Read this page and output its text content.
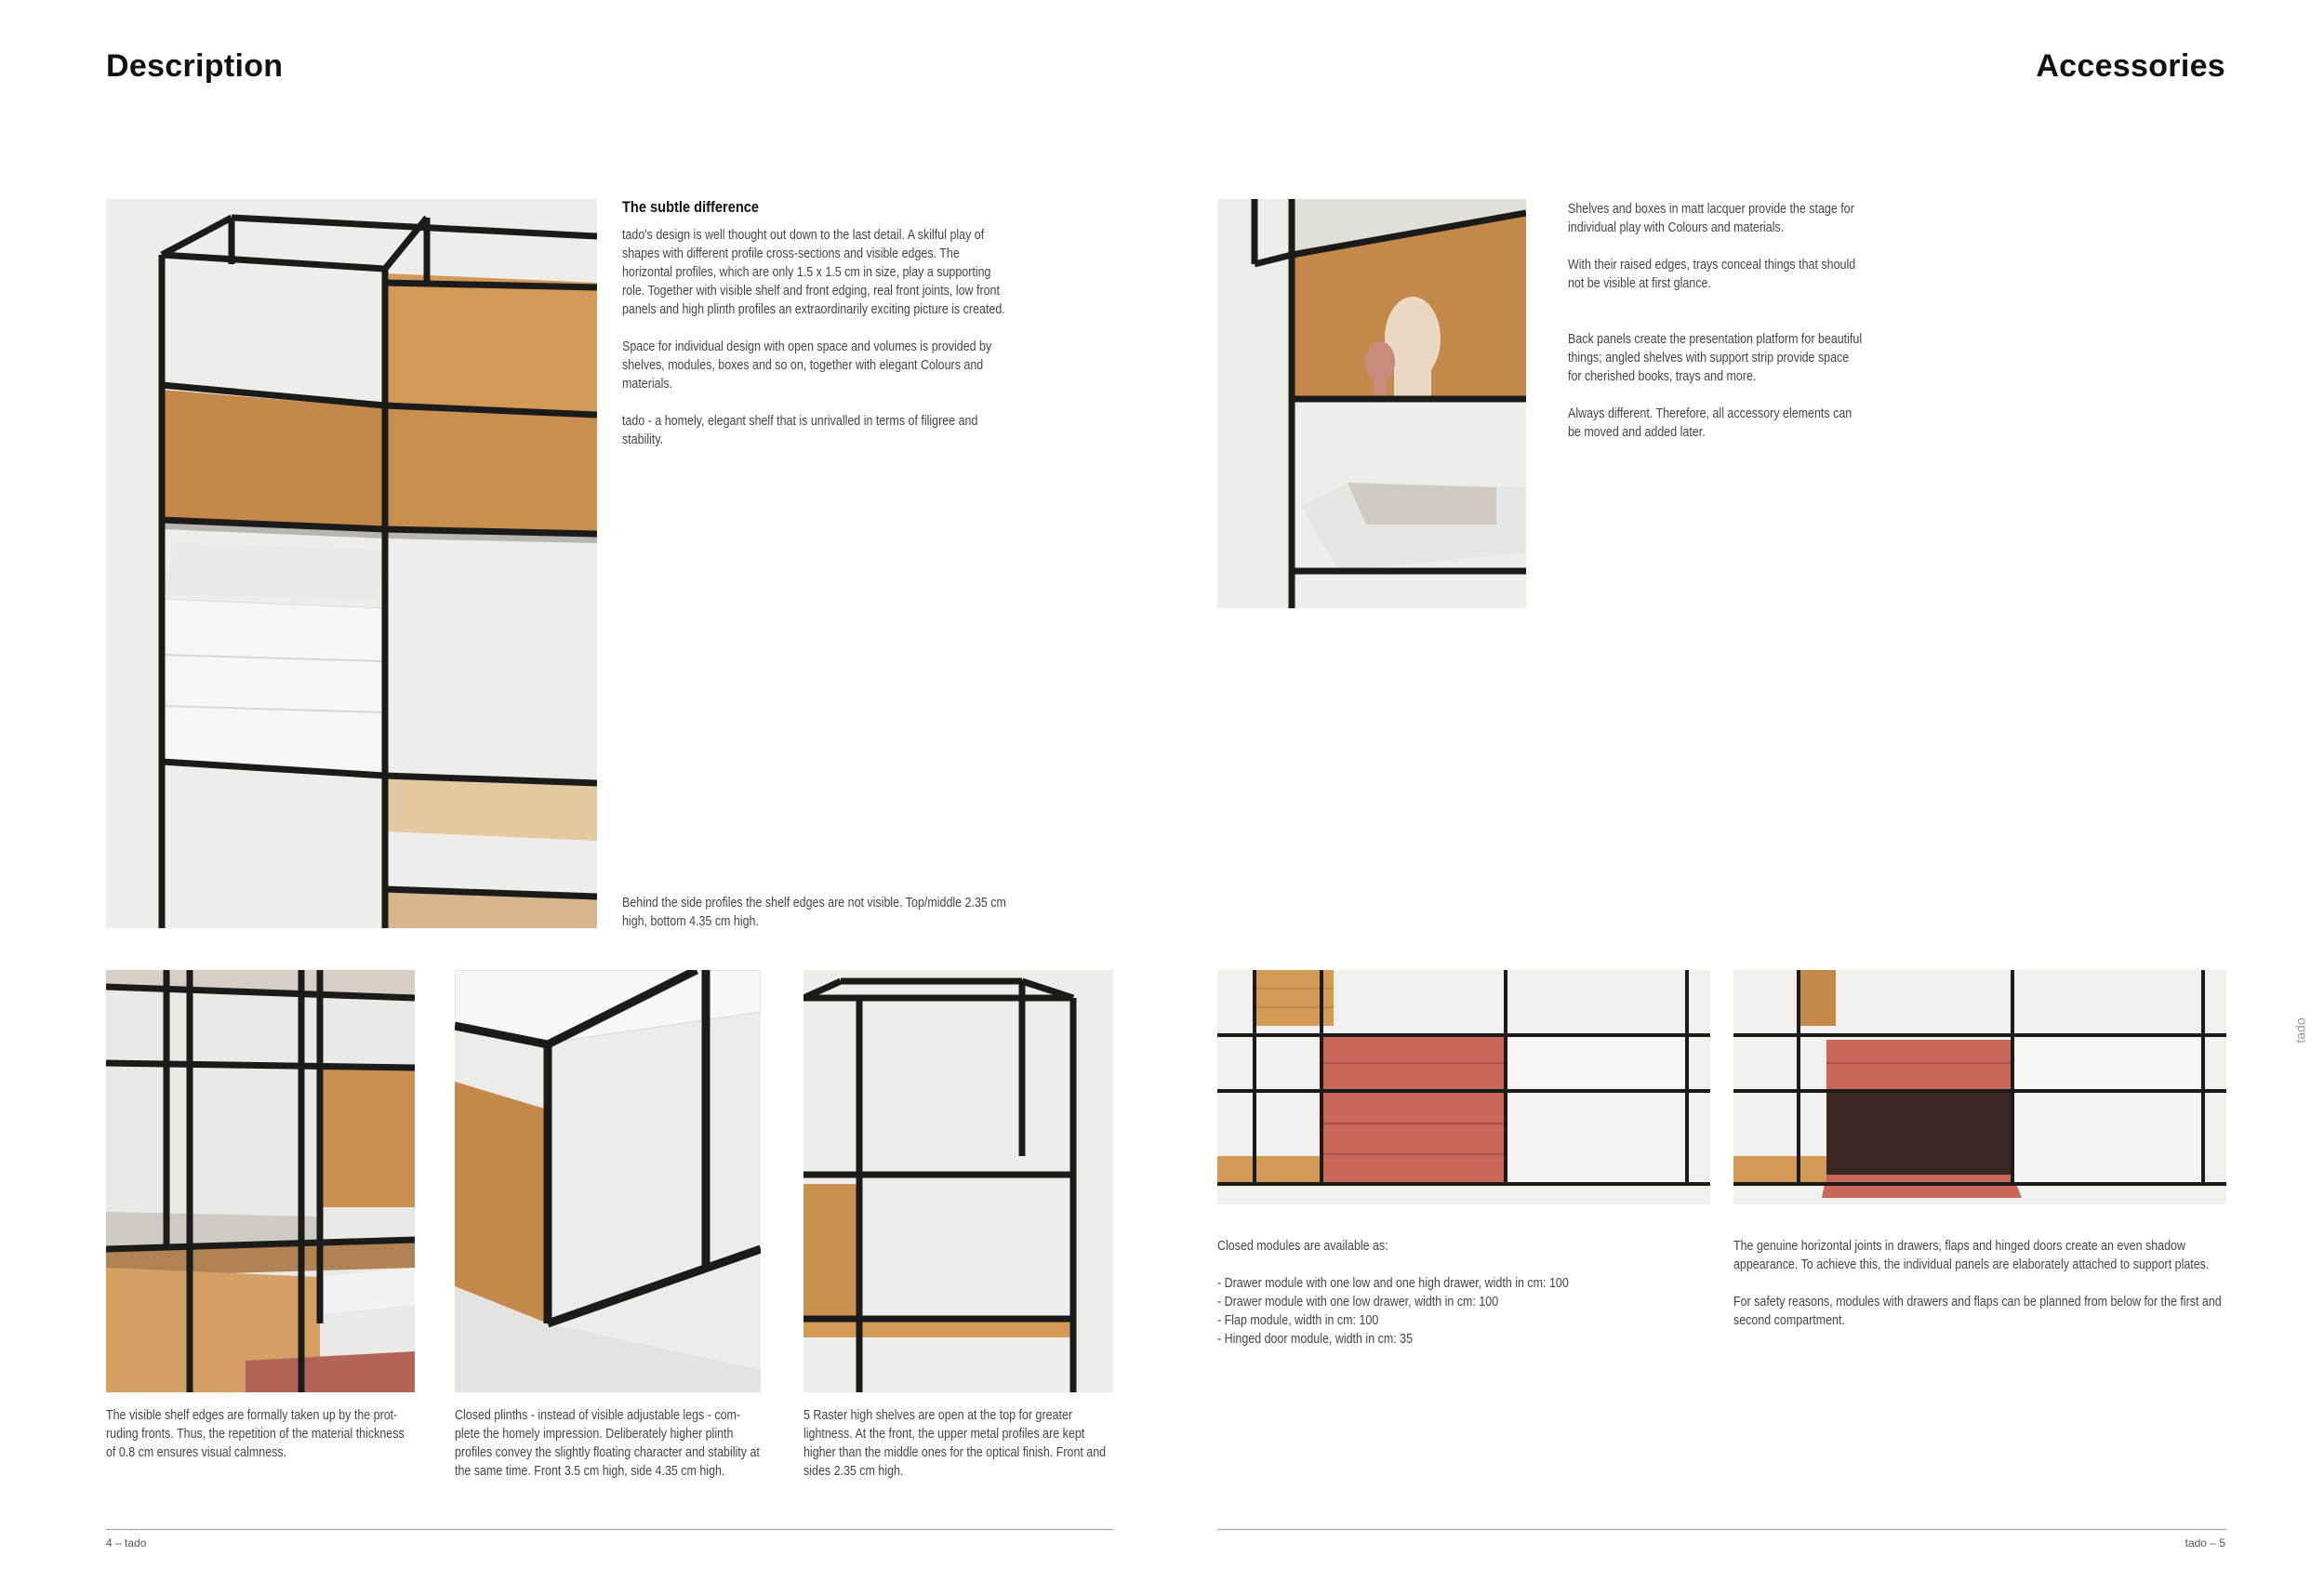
Description
The subtle difference

tado's design is well thought out down to the last detail. A skilful play of shapes with different profile cross-sections and visible edges. The horizontal profiles, which are only 1.5 x 1.5 cm in size, play a supporting role. Together with visible shelf and front edging, real front joints, low front panels and high plinth profiles an extraordinarily exciting picture is created.

Space for individual design with open space and volumes is provided by shelves, modules, boxes and so on, together with elegant Colours and materials.

tado - a homely, elegant shelf that is unrivalled in terms of filigree and stability.

Behind the side profiles the shelf edges are not visible. Top/middle 2.35 cm high, bottom 4.35 cm high.
The visible shelf edges are formally taken up by the prot-ruding fronts. Thus, the repetition of the material thickness of 0.8 cm ensures visual calmness.
Closed plinths - instead of visible adjustable legs - com-plete the homely impression. Deliberately higher plinth profiles convey the slightly floating character and stability at the same time. Front 3.5 cm high, side 4.35 cm high.
5 Raster high shelves are open at the top for greater lightness. At the front, the upper metal profiles are kept higher than the middle ones for the optical finish. Front and sides 2.35 cm high.
4 – tado
Accessories

Shelves and boxes in matt lacquer provide the stage for individual play with Colours and materials.

With their raised edges, trays conceal things that should not be visible at first glance.

Back panels create the presentation platform for beautiful things; angled shelves with support strip provide space for cherished books, trays and more.

Always different. Therefore, all accessory elements can be moved and added later.

Closed modules are available as:

- Drawer module with one low and one high drawer, width in cm: 100
- Drawer module with one low drawer, width in cm: 100
- Flap module, width in cm: 100
- Hinged door module, width in cm: 35

The genuine horizontal joints in drawers, flaps and hinged doors create an even shadow appearance. To achieve this, the individual panels are elaborately attached to support plates.

For safety reasons, modules with drawers and flaps can be planned from below for the first and second compartment.

tado
tado – 5
